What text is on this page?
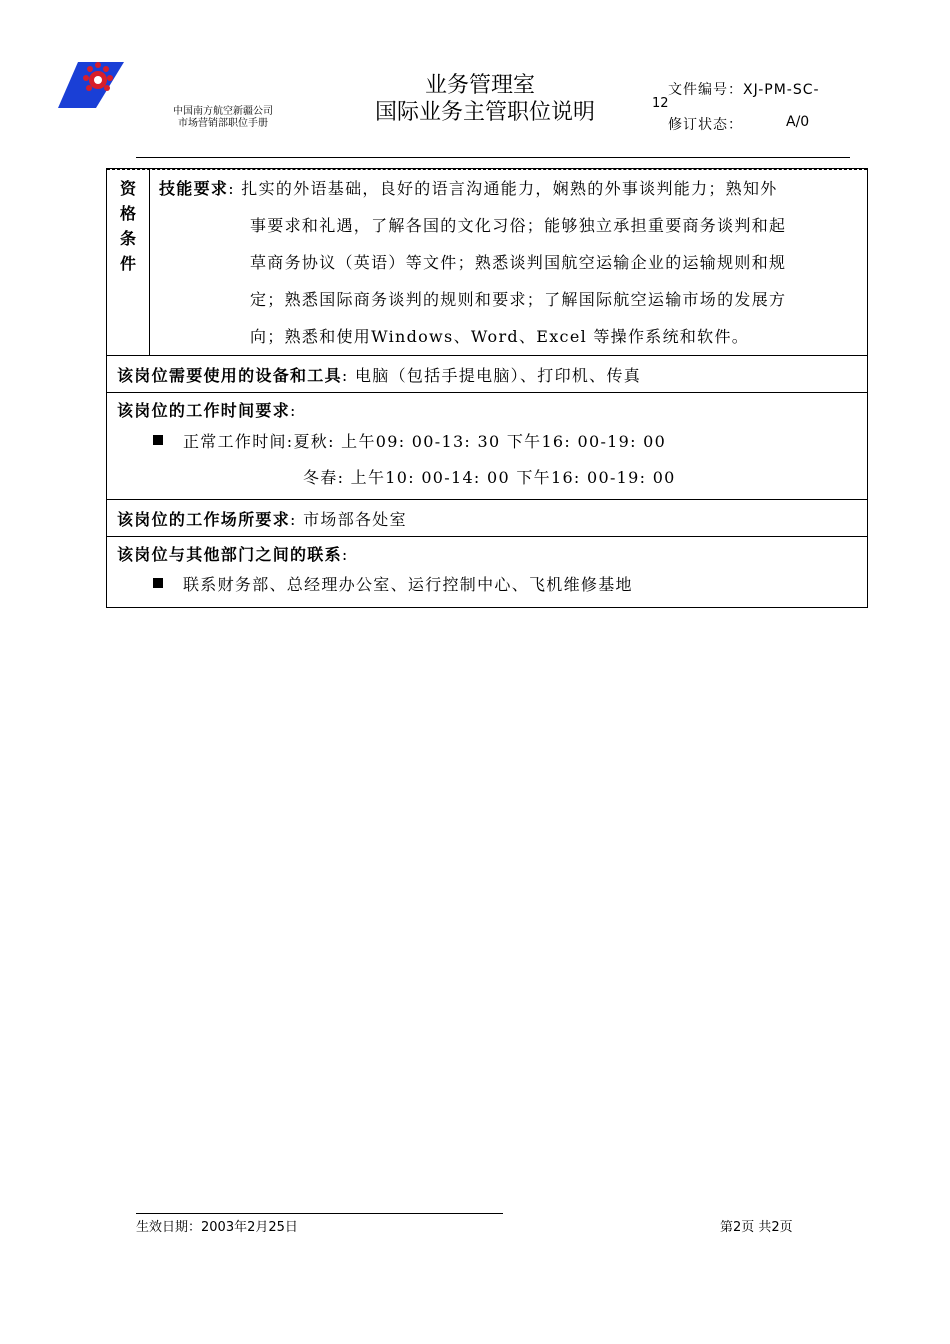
中国南方航空新疆公司
市场营销部职位手册
业务管理室
国际业务主管职位说明
文件编号：XJ-PM-SC-
12
修订状态：	A/0
资
格
条
件
技能要求: 扎实的外语基础，良好的语言沟通能力，娴熟的外事谈判能力；熟知外
事要求和礼遇，了解各国的文化习俗；能够独立承担重要商务谈判和起
草商务协议（英语）等文件；熟悉谈判国航空运输企业的运输规则和规
定；熟悉国际商务谈判的规则和要求；了解国际航空运输市场的发展方
向；熟悉和使用Windows、Word、Excel 等操作系统和软件。
该岗位需要使用的设备和工具: 电脑（包括手提电脑）、打印机、传真
该岗位的工作时间要求:
正常工作时间:夏秋: 上午09: 00-13: 30 下午16: 00-19: 00
冬春: 上午10: 00-14: 00 下午16: 00-19: 00
该岗位的工作场所要求: 市场部各处室
该岗位与其他部门之间的联系:
联系财务部、总经理办公室、运行控制中心、飞机维修基地
生效日期：2003年2月25日	第2页 共2页
